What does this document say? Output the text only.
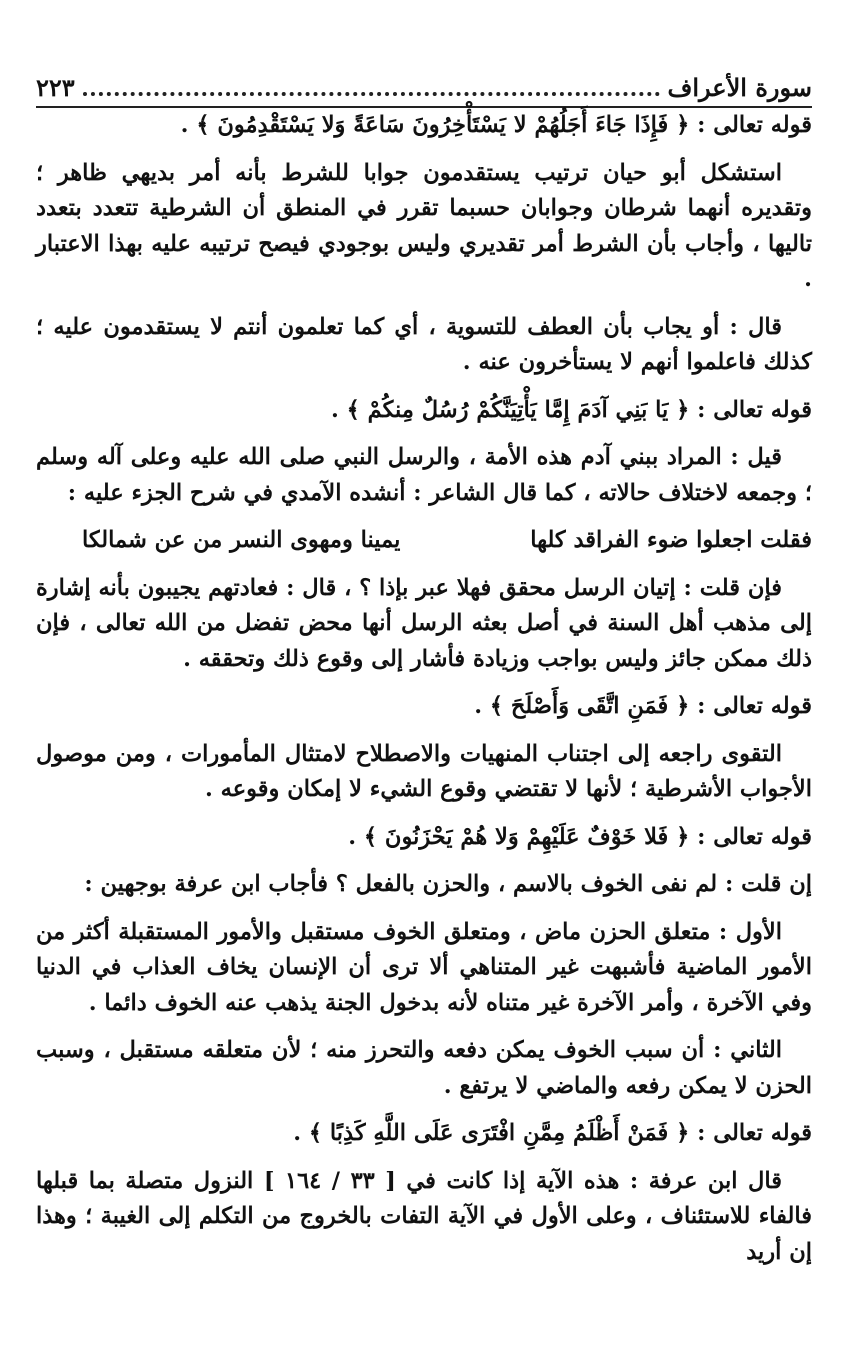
سورة الأعراف
٢٢٣

قوله تعالى : ﴿ فَإِذَا جَاءَ أَجَلُهُمْ لا يَسْتَأْخِرُونَ سَاعَةً وَلا يَسْتَقْدِمُونَ ﴾ .

استشكل أبو حيان ترتيب يستقدمون جوابا للشرط بأنه أمر بديهي ظاهر ؛ وتقديره أنهما شرطان وجوابان حسبما تقرر في المنطق أن الشرطية تتعدد بتعدد تاليها ، وأجاب بأن الشرط أمر تقديري وليس بوجودي فيصح ترتيبه عليه بهذا الاعتبار .

قال : أو يجاب بأن العطف للتسوية ، أي كما تعلمون أنتم لا يستقدمون عليه ؛ كذلك فاعلموا أنهم لا يستأخرون عنه .

قوله تعالى : ﴿ يَا بَنِي آدَمَ إِمَّا يَأْتِيَنَّكُمْ رُسُلٌ مِنكُمْ ﴾ .

قيل : المراد ببني آدم هذه الأمة ، والرسل النبي صلى الله عليه وعلى آله وسلم ؛ وجمعه لاختلاف حالاته ، كما قال الشاعر : أنشده الآمدي في شرح الجزء عليه :

فقلت اجعلوا ضوء الفراقد كلها
يمينا ومهوى النسر من عن شمالكا

فإن قلت : إتيان الرسل محقق فهلا عبر بإذا ؟ ، قال : فعادتهم يجيبون بأنه إشارة إلى مذهب أهل السنة في أصل بعثه الرسل أنها محض تفضل من الله تعالى ، فإن ذلك ممكن جائز وليس بواجب وزيادة فأشار إلى وقوع ذلك وتحققه .

قوله تعالى : ﴿ فَمَنِ اتَّقَى وَأَصْلَحَ ﴾ .

التقوى راجعه إلى اجتناب المنهيات والاصطلاح لامتثال المأمورات ، ومن موصول الأجواب الأشرطية ؛ لأنها لا تقتضي وقوع الشيء لا إمكان وقوعه .

قوله تعالى : ﴿ فَلا خَوْفٌ عَلَيْهِمْ وَلا هُمْ يَحْزَنُونَ ﴾ .

إن قلت : لم نفى الخوف بالاسم ، والحزن بالفعل ؟ فأجاب ابن عرفة بوجهين :

الأول : متعلق الحزن ماض ، ومتعلق الخوف مستقبل والأمور المستقبلة أكثر من الأمور الماضية فأشبهت غير المتناهي ألا ترى أن الإنسان يخاف العذاب في الدنيا وفي الآخرة ، وأمر الآخرة غير متناه لأنه بدخول الجنة يذهب عنه الخوف دائما .

الثاني : أن سبب الخوف يمكن دفعه والتحرز منه ؛ لأن متعلقه مستقبل ، وسبب الحزن لا يمكن رفعه والماضي لا يرتفع .

قوله تعالى : ﴿ فَمَنْ أَظْلَمُ مِمَّنِ افْتَرَى عَلَى اللَّهِ كَذِبًا ﴾ .

قال ابن عرفة : هذه الآية إذا كانت في [ ٣٣ / ١٦٤ ] النزول متصلة بما قبلها فالفاء للاستئناف ، وعلى الأول في الآية التفات بالخروج من التكلم إلى الغيبة ؛ وهذا إن أريد
